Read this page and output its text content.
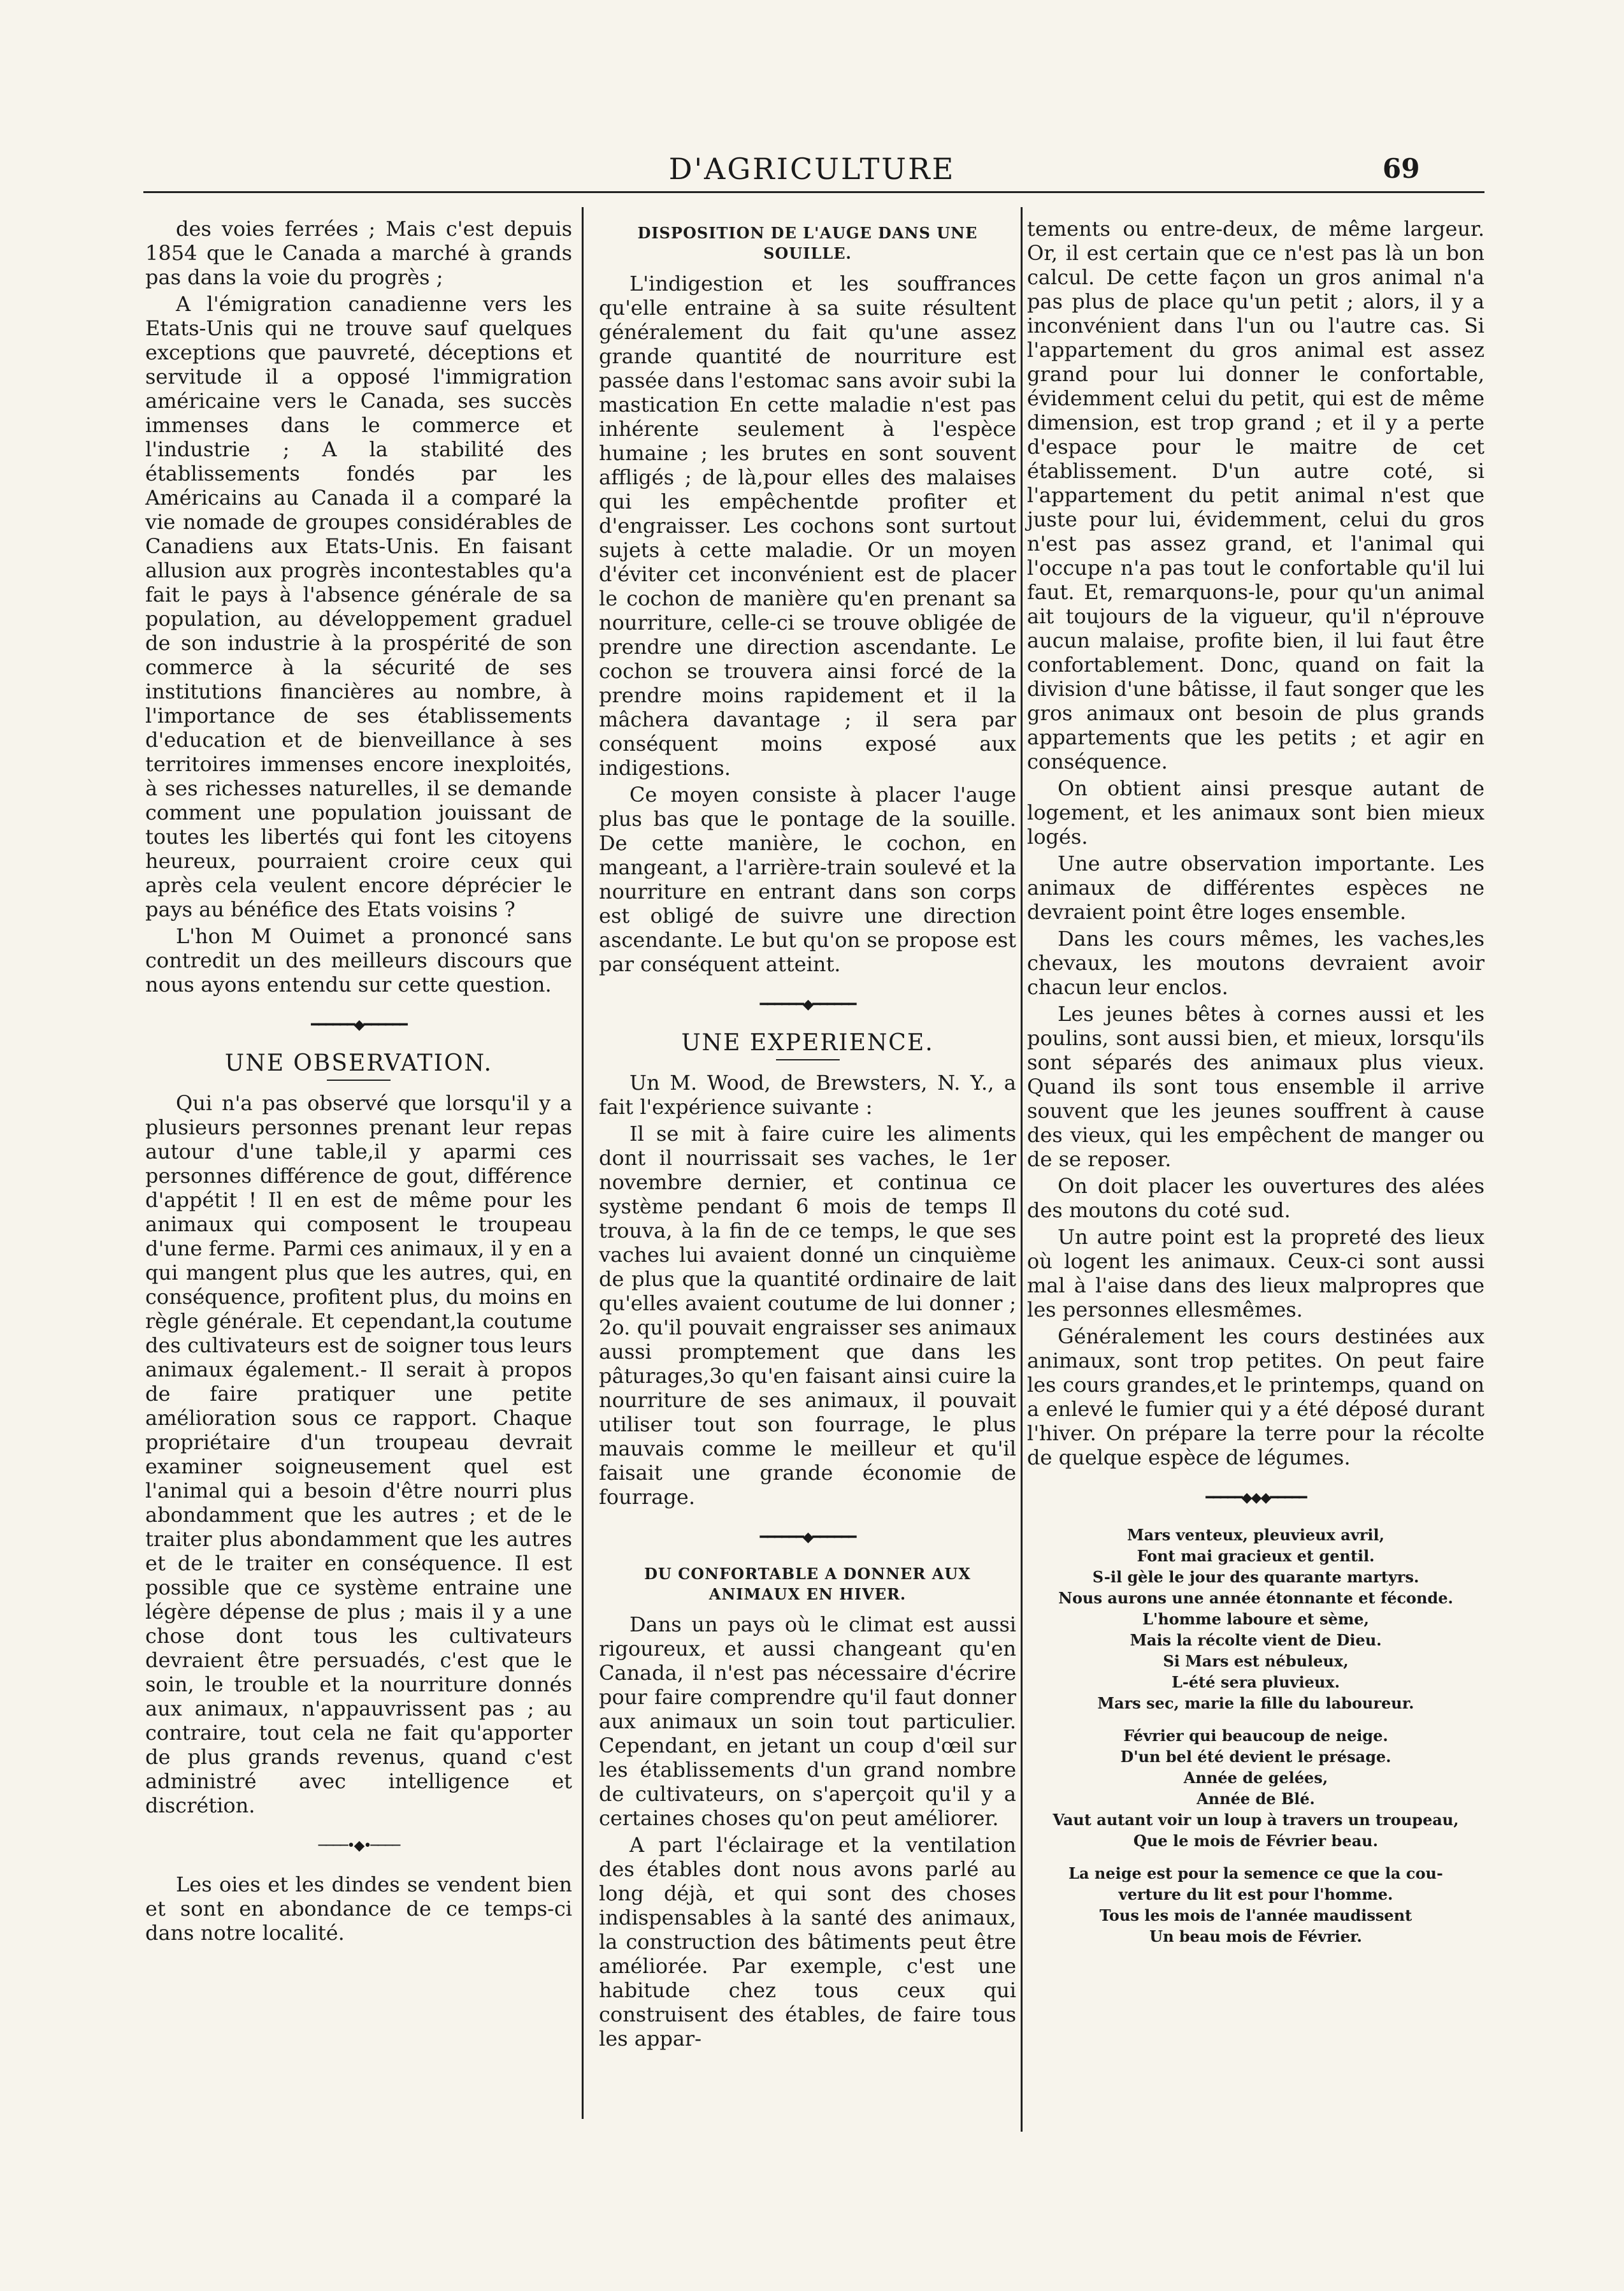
D'AGRICULTURE	69

des voies ferrées ; Mais c'est depuis 1854 que le Canada a marché à grands pas dans la voie du progrès ;

A l'émigration canadienne vers les Etats-Unis qui ne trouve sauf quelques exceptions que pauvreté, déceptions et servitude il a opposé l'immigration américaine vers le Canada, ses succès immenses dans le commerce et l'industrie ; A la stabilité des établissements fondés par les Américains au Canada il a comparé la vie nomade de groupes considérables de Canadiens aux Etats-Unis. En faisant allusion aux progrès incontestables qu'a fait le pays à l'absence générale de sa population, au développement graduel de son industrie à la prospérité de son commerce à la sécurité de ses institutions financières au nombre, à l'importance de ses établissements d'education et de bienveillance à ses territoires immenses encore inexploités, à ses richesses naturelles, il se demande comment une population jouissant de toutes les libertés qui font les citoyens heureux, pourraient croire ceux qui après cela veulent encore déprécier le pays au bénéfice des Etats voisins ?

L'hon M Ouimet a prononcé sans contredit un des meilleurs discours que nous ayons entendu sur cette question.

━━━━━━◆━━━━━━
UNE OBSERVATION.

Qui n'a pas observé que lorsqu'il y a plusieurs personnes prenant leur repas autour d'une table,il y aparmi ces personnes différence de gout, différence d'appétit ! Il en est de même pour les animaux qui composent le troupeau d'une ferme. Parmi ces animaux, il y en a qui mangent plus que les autres, qui, en conséquence, profitent plus, du moins en règle générale. Et cependant,la coutume des cultivateurs est de soigner tous leurs animaux également.- Il serait à propos de faire pratiquer une petite amélioration sous ce rapport. Chaque propriétaire d'un troupeau devrait examiner soigneusement quel est l'animal qui a besoin d'être nourri plus abondamment que les autres ; et de le traiter plus abondamment que les autres et de le traiter en conséquence. Il est possible que ce système entraine une légère dépense de plus ; mais il y a une chose dont tous les cultivateurs devraient être persuadés, c'est que le soin, le trouble et la nourriture donnés aux animaux, n'appauvrissent pas ; au contraire, tout cela ne fait qu'apporter de plus grands revenus, quand c'est administré avec intelligence et discrétion.

────•◆•────

Les oies et les dindes se vendent bien et sont en abondance de ce temps-ci dans notre localité.

DISPOSITION DE L'AUGE DANS UNE SOUILLE.

L'indigestion et les souffrances qu'elle entraine à sa suite résultent généralement du fait qu'une assez grande quantité de nourriture est passée dans l'estomac sans avoir subi la mastication En cette maladie n'est pas inhérente seulement à l'espèce humaine ; les brutes en sont souvent affligés ; de là,pour elles des malaises qui les empêchentde profiter et d'engraisser. Les cochons sont surtout sujets à cette maladie. Or un moyen d'éviter cet inconvénient est de placer le cochon de manière qu'en prenant sa nourriture, celle-ci se trouve obligée de prendre une direction ascendante. Le cochon se trouvera ainsi forcé de la prendre moins rapidement et il la mâchera davantage ; il sera par conséquent moins exposé aux indigestions.

Ce moyen consiste à placer l'auge plus bas que le pontage de la souille. De cette manière, le cochon, en mangeant, a l'arrière-train soulevé et la nourriture en entrant dans son corps est obligé de suivre une direction ascendante. Le but qu'on se propose est par conséquent atteint.

━━━━━━◆━━━━━━
UNE EXPERIENCE.

Un M. Wood, de Brewsters, N. Y., a fait l'expérience suivante :

Il se mit à faire cuire les aliments dont il nourrissait ses vaches, le 1er novembre dernier, et continua ce système pendant 6 mois de temps Il trouva, à la fin de ce temps, le que ses vaches lui avaient donné un cinquième de plus que la quantité ordinaire de lait qu'elles avaient coutume de lui donner ; 2o. qu'il pouvait engraisser ses animaux aussi promptement que dans les pâturages,3o qu'en faisant ainsi cuire la nourriture de ses animaux, il pouvait utiliser tout son fourrage, le plus mauvais comme le meilleur et qu'il faisait une grande économie de fourrage.

━━━━━━◆━━━━━━
DU CONFORTABLE A DONNER AUX ANIMAUX EN HIVER.

Dans un pays où le climat est aussi rigoureux, et aussi changeant qu'en Canada, il n'est pas nécessaire d'écrire pour faire comprendre qu'il faut donner aux animaux un soin tout particulier. Cependant, en jetant un coup d'œil sur les établissements d'un grand nombre de cultivateurs, on s'aperçoit qu'il y a certaines choses qu'on peut améliorer.

A part l'éclairage et la ventilation des étables dont nous avons parlé au long déjà, et qui sont des choses indispensables à la santé des animaux, la construction des bâtiments peut être améliorée. Par exemple, c'est une habitude chez tous ceux qui construisent des étables, de faire tous les appar-

tements ou entre-deux, de même largeur. Or, il est certain que ce n'est pas là un bon calcul. De cette façon un gros animal n'a pas plus de place qu'un petit ; alors, il y a inconvénient dans l'un ou l'autre cas. Si l'appartement du gros animal est assez grand pour lui donner le confortable, évidemment celui du petit, qui est de même dimension, est trop grand ; et il y a perte d'espace pour le maitre de cet établissement. D'un autre coté, si l'appartement du petit animal n'est que juste pour lui, évidemment, celui du gros n'est pas assez grand, et l'animal qui l'occupe n'a pas tout le confortable qu'il lui faut. Et, remarquons-le, pour qu'un animal ait toujours de la vigueur, qu'il n'éprouve aucun malaise, profite bien, il lui faut être confortablement. Donc, quand on fait la division d'une bâtisse, il faut songer que les gros animaux ont besoin de plus grands appartements que les petits ; et agir en conséquence.

On obtient ainsi presque autant de logement, et les animaux sont bien mieux logés.

Une autre observation importante. Les animaux de différentes espèces ne devraient point être loges ensemble.

Dans les cours mêmes, les vaches,les chevaux, les moutons devraient avoir chacun leur enclos.

Les jeunes bêtes à cornes aussi et les poulins, sont aussi bien, et mieux, lorsqu'ils sont séparés des animaux plus vieux. Quand ils sont tous ensemble il arrive souvent que les jeunes souffrent à cause des vieux, qui les empêchent de manger ou de se reposer.

On doit placer les ouvertures des alées des moutons du coté sud.

Un autre point est la propreté des lieux où logent les animaux. Ceux-ci sont aussi mal à l'aise dans des lieux malpropres que les personnes ellesmêmes.

Généralement les cours destinées aux animaux, sont trop petites. On peut faire les cours grandes,et le printemps, quand on a enlevé le fumier qui y a été déposé durant l'hiver. On prépare la terre pour la récolte de quelque espèce de légumes.

━━━━━◆◆◆━━━━━
Mars venteux, pleuvieux avril,
Font mai gracieux et gentil.
S-il gèle le jour des quarante martyrs.
Nous aurons une année étonnante et féconde.
L'homme laboure et sème,
Mais la récolte vient de Dieu.
Si Mars est nébuleux,
L-été sera pluvieux.
Mars sec, marie la fille du laboureur.
Février qui beaucoup de neige.
D'un bel été devient le présage.
Année de gelées,
Année de Blé.
Vaut autant voir un loup à travers un troupeau,
Que le mois de Février beau.
La neige est pour la semence ce que la cou-
verture du lit est pour l'homme.
Tous les mois de l'année maudissent
Un beau mois de Février.
